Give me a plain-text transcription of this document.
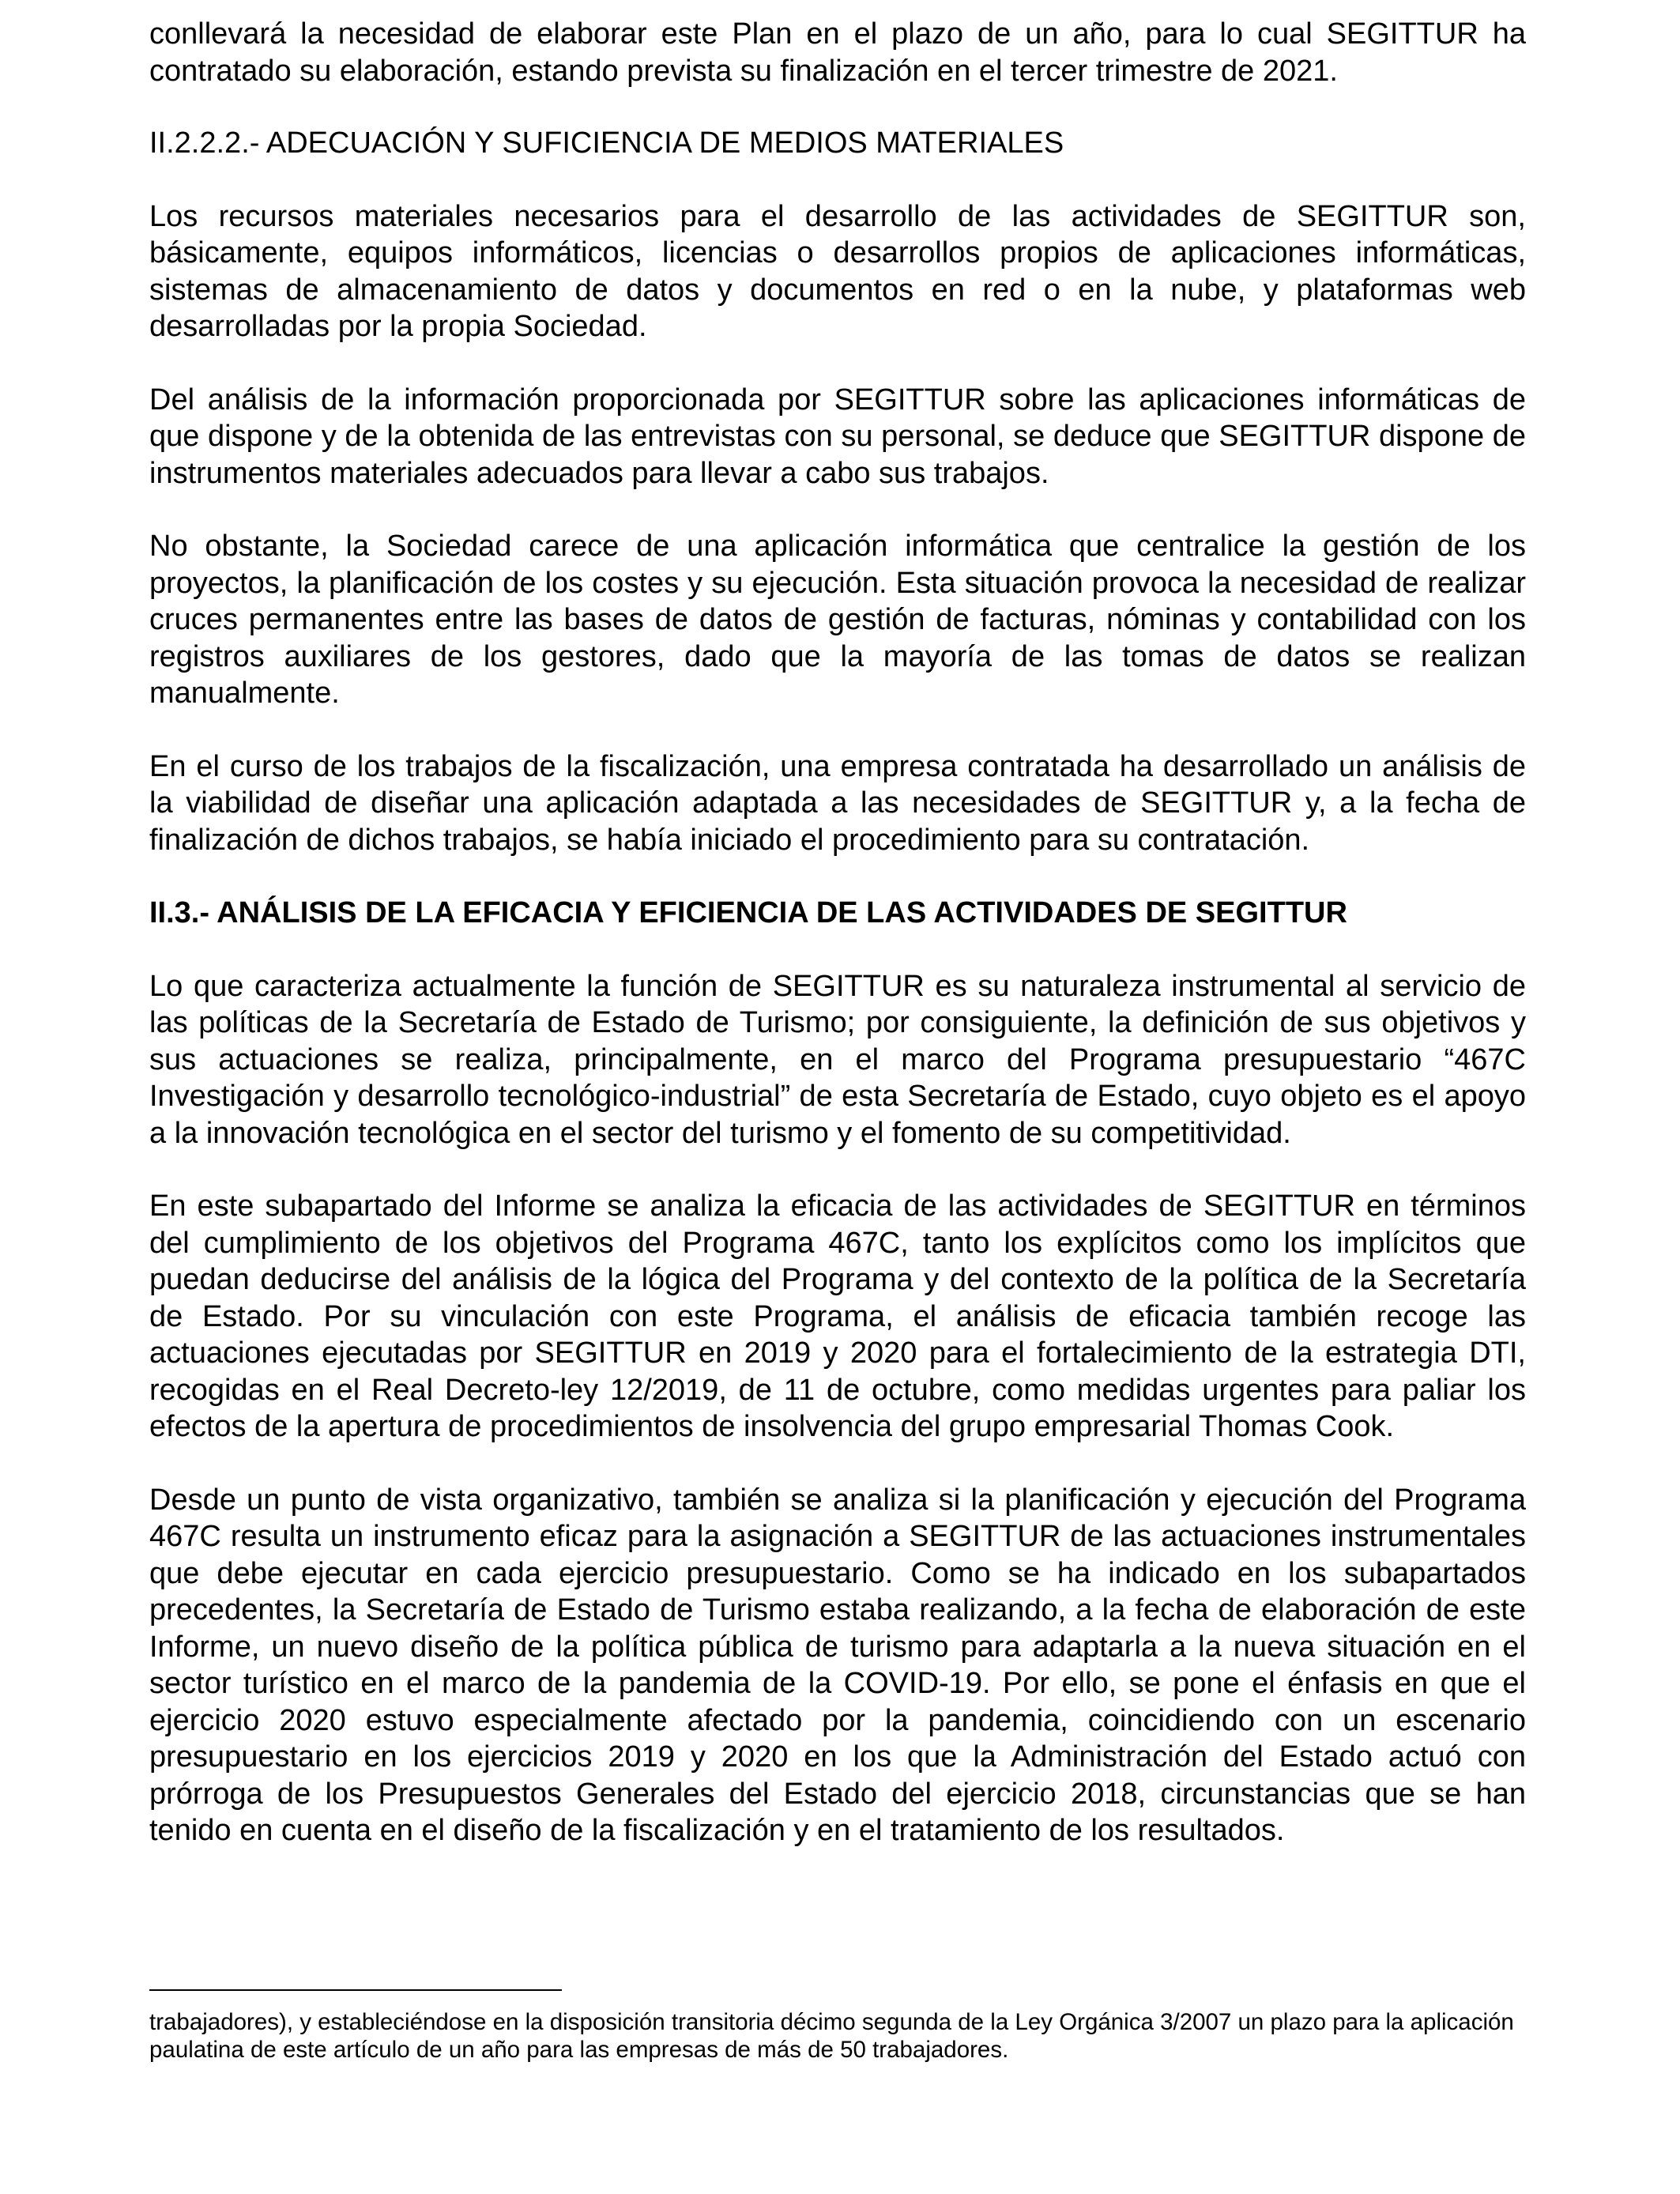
conllevará la necesidad de elaborar este Plan en el plazo de un año, para lo cual SEGITTUR ha contratado su elaboración, estando prevista su finalización en el tercer trimestre de 2021.

II.2.2.2.- ADECUACIÓN Y SUFICIENCIA DE MEDIOS MATERIALES

Los recursos materiales necesarios para el desarrollo de las actividades de SEGITTUR son, básicamente, equipos informáticos, licencias o desarrollos propios de aplicaciones informáticas, sistemas de almacenamiento de datos y documentos en red o en la nube, y plataformas web desarrolladas por la propia Sociedad.

Del análisis de la información proporcionada por SEGITTUR sobre las aplicaciones informáticas de que dispone y de la obtenida de las entrevistas con su personal, se deduce que SEGITTUR dispone de instrumentos materiales adecuados para llevar a cabo sus trabajos.

No obstante, la Sociedad carece de una aplicación informática que centralice la gestión de los proyectos, la planificación de los costes y su ejecución. Esta situación provoca la necesidad de realizar cruces permanentes entre las bases de datos de gestión de facturas, nóminas y contabilidad con los registros auxiliares de los gestores, dado que la mayoría de las tomas de datos se realizan manualmente.

En el curso de los trabajos de la fiscalización, una empresa contratada ha desarrollado un análisis de la viabilidad de diseñar una aplicación adaptada a las necesidades de SEGITTUR y, a la fecha de finalización de dichos trabajos, se había iniciado el procedimiento para su contratación.

II.3.- ANÁLISIS DE LA EFICACIA Y EFICIENCIA DE LAS ACTIVIDADES DE SEGITTUR

Lo que caracteriza actualmente la función de SEGITTUR es su naturaleza instrumental al servicio de las políticas de la Secretaría de Estado de Turismo; por consiguiente, la definición de sus objetivos y sus actuaciones se realiza, principalmente, en el marco del Programa presupuestario “467C Investigación y desarrollo tecnológico-industrial” de esta Secretaría de Estado, cuyo objeto es el apoyo a la innovación tecnológica en el sector del turismo y el fomento de su competitividad.

En este subapartado del Informe se analiza la eficacia de las actividades de SEGITTUR en términos del cumplimiento de los objetivos del Programa 467C, tanto los explícitos como los implícitos que puedan deducirse del análisis de la lógica del Programa y del contexto de la política de la Secretaría de Estado. Por su vinculación con este Programa, el análisis de eficacia también recoge las actuaciones ejecutadas por SEGITTUR en 2019 y 2020 para el fortalecimiento de la estrategia DTI, recogidas en el Real Decreto-ley 12/2019, de 11 de octubre, como medidas urgentes para paliar los efectos de la apertura de procedimientos de insolvencia del grupo empresarial Thomas Cook.

Desde un punto de vista organizativo, también se analiza si la planificación y ejecución del Programa 467C resulta un instrumento eficaz para la asignación a SEGITTUR de las actuaciones instrumentales que debe ejecutar en cada ejercicio presupuestario. Como se ha indicado en los subapartados precedentes, la Secretaría de Estado de Turismo estaba realizando, a la fecha de elaboración de este Informe, un nuevo diseño de la política pública de turismo para adaptarla a la nueva situación en el sector turístico en el marco de la pandemia de la COVID-19. Por ello, se pone el énfasis en que el ejercicio 2020 estuvo especialmente afectado por la pandemia, coincidiendo con un escenario presupuestario en los ejercicios 2019 y 2020 en los que la Administración del Estado actuó con prórroga de los Presupuestos Generales del Estado del ejercicio 2018, circunstancias que se han tenido en cuenta en el diseño de la fiscalización y en el tratamiento de los resultados.

trabajadores), y estableciéndose en la disposición transitoria décimo segunda de la Ley Orgánica 3/2007 un plazo para la aplicación paulatina de este artículo de un año para las empresas de más de 50 trabajadores.
